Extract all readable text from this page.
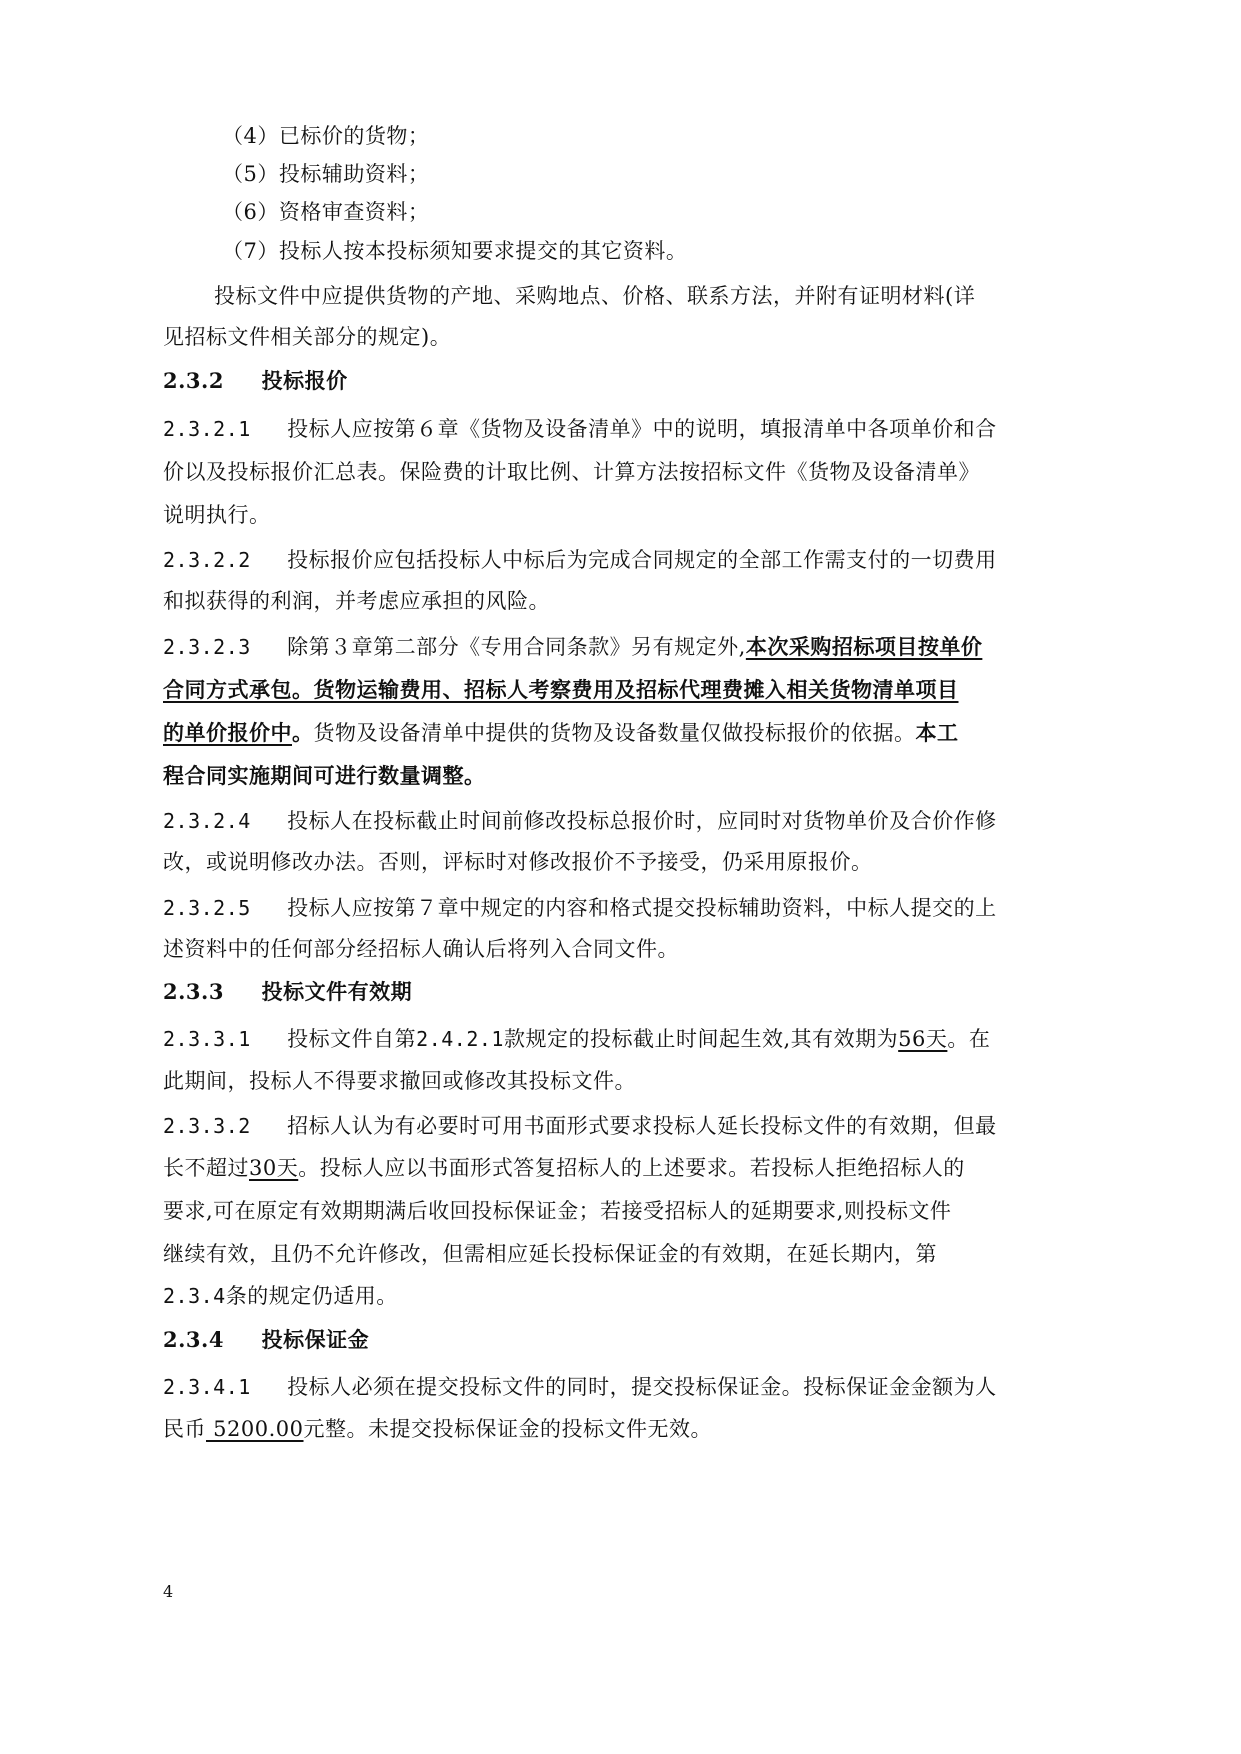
（4）已标价的货物；
（5）投标辅助资料；
（6）资格审查资料；
（7）投标人按本投标须知要求提交的其它资料。
投标文件中应提供货物的产地、采购地点、价格、联系方法，并附有证明材料(详
见招标文件相关部分的规定)。
2.3.2 投标报价
2.3.2.1 投标人应按第６章《货物及设备清单》中的说明，填报清单中各项单价和合
价以及投标报价汇总表。保险费的计取比例、计算方法按招标文件《货物及设备清单》
说明执行。
2.3.2.2 投标报价应包括投标人中标后为完成合同规定的全部工作需支付的一切费用
和拟获得的利润，并考虑应承担的风险。
2.3.2.3 除第３章第二部分《专用合同条款》另有规定外,本次采购招标项目按单价
合同方式承包。货物运输费用、招标人考察费用及招标代理费摊入相关货物清单项目
的单价报价中。货物及设备清单中提供的货物及设备数量仅做投标报价的依据。本工
程合同实施期间可进行数量调整。
2.3.2.4 投标人在投标截止时间前修改投标总报价时，应同时对货物单价及合价作修
改，或说明修改办法。否则，评标时对修改报价不予接受，仍采用原报价。
2.3.2.5 投标人应按第７章中规定的内容和格式提交投标辅助资料，中标人提交的上
述资料中的任何部分经招标人确认后将列入合同文件。
2.3.3 投标文件有效期
2.3.3.1 投标文件自第2.4.2.1款规定的投标截止时间起生效,其有效期为56天。在
此期间，投标人不得要求撤回或修改其投标文件。
2.3.3.2 招标人认为有必要时可用书面形式要求投标人延长投标文件的有效期，但最
长不超过30天。投标人应以书面形式答复招标人的上述要求。若投标人拒绝招标人的
要求,可在原定有效期期满后收回投标保证金；若接受招标人的延期要求,则投标文件
继续有效，且仍不允许修改，但需相应延长投标保证金的有效期，在延长期内，第
2.3.4条的规定仍适用。
2.3.4 投标保证金
2.3.4.1 投标人必须在提交投标文件的同时，提交投标保证金。投标保证金金额为人
民币 5200.00元整。未提交投标保证金的投标文件无效。
4
